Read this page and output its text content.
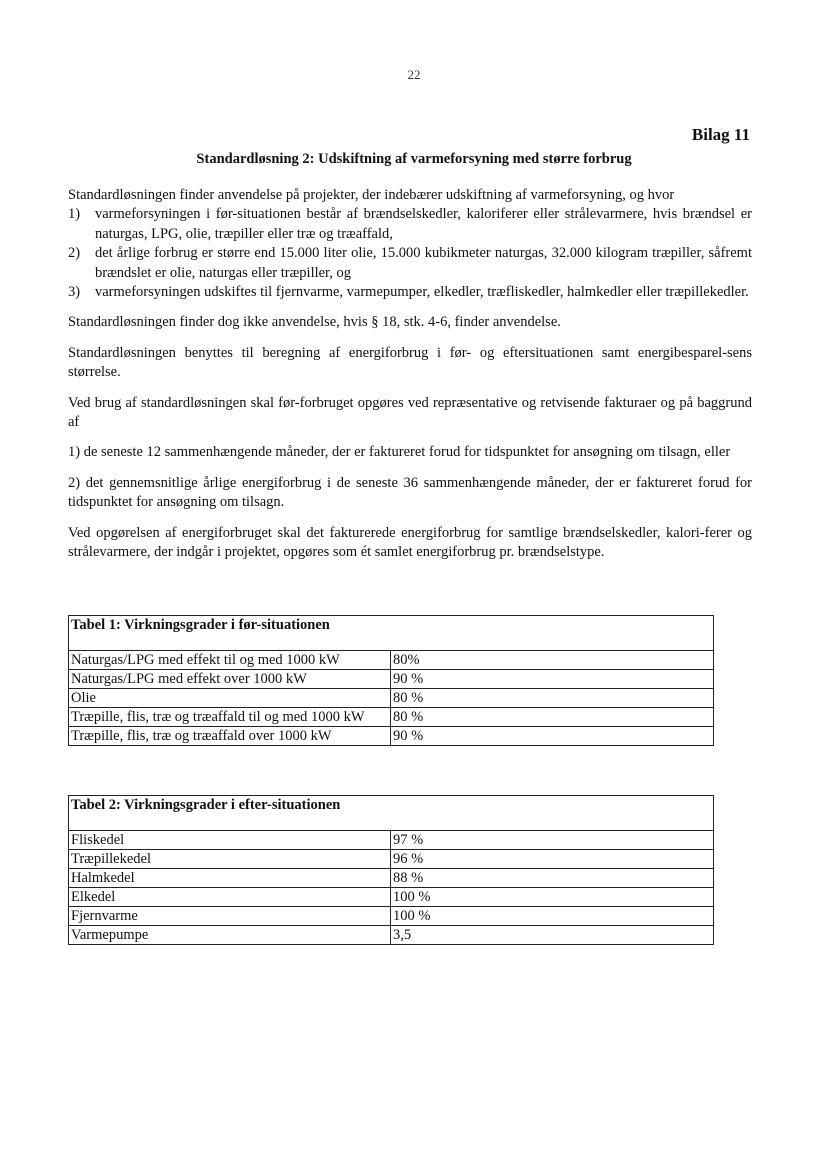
22
Bilag 11
Standardløsning 2: Udskiftning af varmeforsyning med større forbrug

Standardløsningen finder anvendelse på projekter, der indebærer udskiftning af varmeforsyning, og hvor

1) varmeforsyningen i før-situationen består af brændselskedler, kaloriferer eller strålevarmere, hvis brændsel er naturgas, LPG, olie, træpiller eller træ og træaffald,
2) det årlige forbrug er større end 15.000 liter olie, 15.000 kubikmeter naturgas, 32.000 kilogram træpiller, såfremt brændslet er olie, naturgas eller træpiller, og
3) varmeforsyningen udskiftes til fjernvarme, varmepumper, elkedler, træfliskedler, halmkedler eller træpillekedler.

Standardløsningen finder dog ikke anvendelse, hvis § 18, stk. 4-6, finder anvendelse.

Standardløsningen benyttes til beregning af energiforbrug i før- og eftersituationen samt energibesparel-sens størrelse.

Ved brug af standardløsningen skal før-forbruget opgøres ved repræsentative og retvisende fakturaer og på baggrund af

1) de seneste 12 sammenhængende måneder, der er faktureret forud for tidspunktet for ansøgning om tilsagn, eller

2) det gennemsnitlige årlige energiforbrug i de seneste 36 sammenhængende måneder, der er faktureret forud for tidspunktet for ansøgning om tilsagn.

Ved opgørelsen af energiforbruget skal det fakturerede energiforbrug for samtlige brændselskedler, kalori-ferer og strålevarmere, der indgår i projektet, opgøres som ét samlet energiforbrug pr. brændselstype.

Tabel 1: Virkningsgrader i før-situationen	
Naturgas/LPG med effekt til og med 1000 kW	80%
Naturgas/LPG med effekt over 1000 kW	90 %
Olie	80 %
Træpille, flis, træ og træaffald til og med 1000 kW	80 %
Træpille, flis, træ og træaffald over 1000 kW	90 %
Tabel 2: Virkningsgrader i efter-situationen	
Fliskedel	97 %
Træpillekedel	96 %
Halmkedel	88 %
Elkedel	100 %
Fjernvarme	100 %
Varmepumpe	3,5
